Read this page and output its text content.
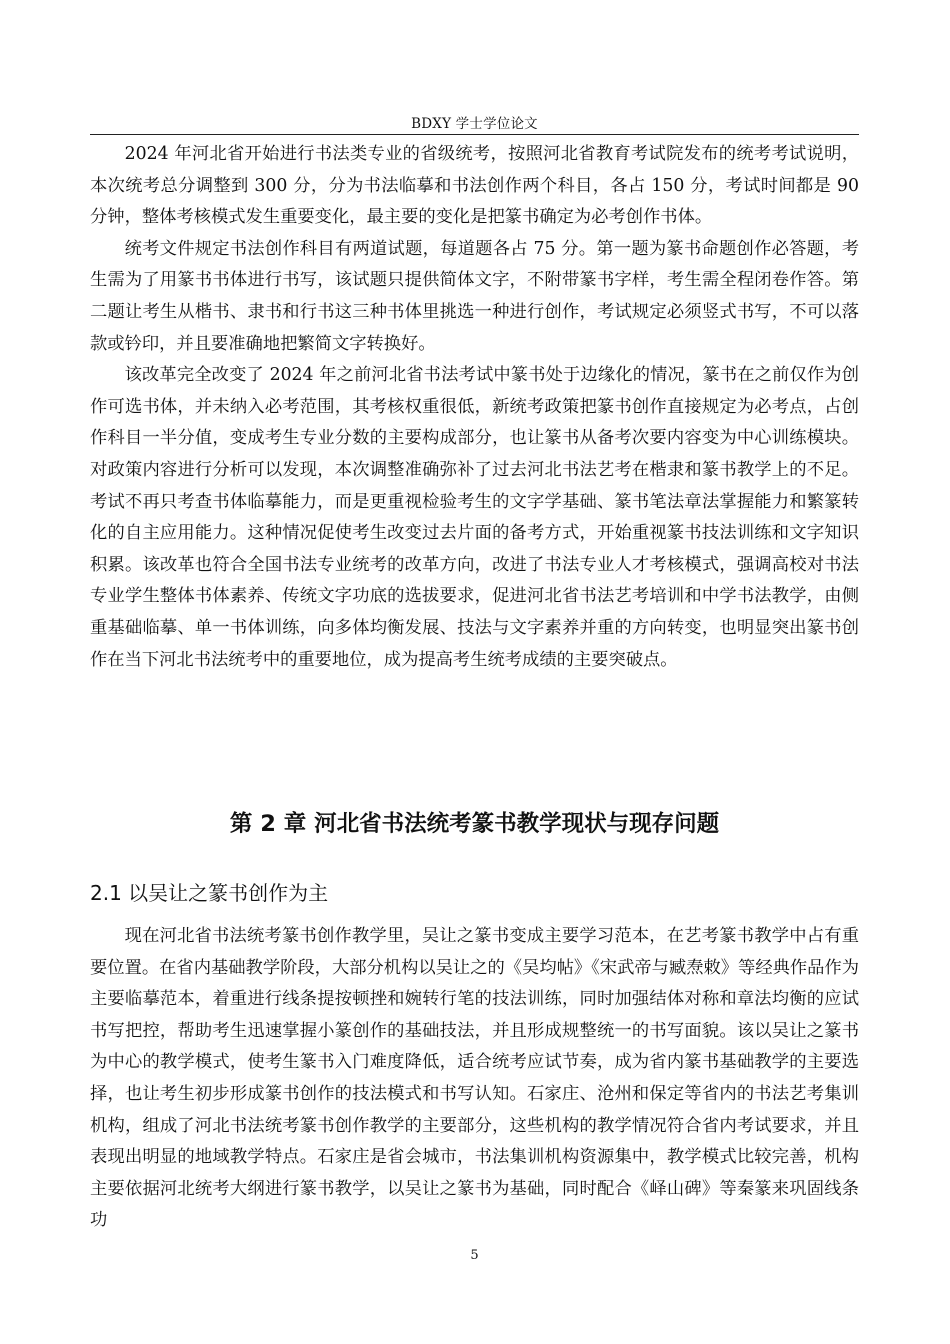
BDXY 学士学位论文

2024 年河北省开始进行书法类专业的省级统考，按照河北省教育考试院发布的统考考试说明，本次统考总分调整到 300 分，分为书法临摹和书法创作两个科目，各占 150 分，考试时间都是 90 分钟，整体考核模式发生重要变化，最主要的变化是把篆书确定为必考创作书体。

统考文件规定书法创作科目有两道试题，每道题各占 75 分。第一题为篆书命题创作必答题，考生需为了用篆书书体进行书写，该试题只提供简体文字，不附带篆书字样，考生需全程闭卷作答。第二题让考生从楷书、隶书和行书这三种书体里挑选一种进行创作，考试规定必须竖式书写，不可以落款或钤印，并且要准确地把繁简文字转换好。

该改革完全改变了 2024 年之前河北省书法考试中篆书处于边缘化的情况，篆书在之前仅作为创作可选书体，并未纳入必考范围，其考核权重很低，新统考政策把篆书创作直接规定为必考点，占创作科目一半分值，变成考生专业分数的主要构成部分，也让篆书从备考次要内容变为中心训练模块。对政策内容进行分析可以发现，本次调整准确弥补了过去河北书法艺考在楷隶和篆书教学上的不足。考试不再只考查书体临摹能力，而是更重视检验考生的文字学基础、篆书笔法章法掌握能力和繁篆转化的自主应用能力。这种情况促使考生改变过去片面的备考方式，开始重视篆书技法训练和文字知识积累。该改革也符合全国书法专业统考的改革方向，改进了书法专业人才考核模式，强调高校对书法专业学生整体书体素养、传统文字功底的选拔要求，促进河北省书法艺考培训和中学书法教学，由侧重基础临摹、单一书体训练，向多体均衡发展、技法与文字素养并重的方向转变，也明显突出篆书创作在当下河北书法统考中的重要地位，成为提高考生统考成绩的主要突破点。

第 2 章 河北省书法统考篆书教学现状与现存问题
2.1 以吴让之篆书创作为主

现在河北省书法统考篆书创作教学里，吴让之篆书变成主要学习范本，在艺考篆书教学中占有重要位置。在省内基础教学阶段，大部分机构以吴让之的《吴均帖》《宋武帝与臧焘敕》等经典作品作为主要临摹范本，着重进行线条提按顿挫和婉转行笔的技法训练，同时加强结体对称和章法均衡的应试书写把控，帮助考生迅速掌握小篆创作的基础技法，并且形成规整统一的书写面貌。该以吴让之篆书为中心的教学模式，使考生篆书入门难度降低，适合统考应试节奏，成为省内篆书基础教学的主要选择，也让考生初步形成篆书创作的技法模式和书写认知。石家庄、沧州和保定等省内的书法艺考集训机构，组成了河北书法统考篆书创作教学的主要部分，这些机构的教学情况符合省内考试要求，并且表现出明显的地域教学特点。石家庄是省会城市，书法集训机构资源集中，教学模式比较完善，机构主要依据河北统考大纲进行篆书教学，以吴让之篆书为基础，同时配合《峄山碑》等秦篆来巩固线条功

5
